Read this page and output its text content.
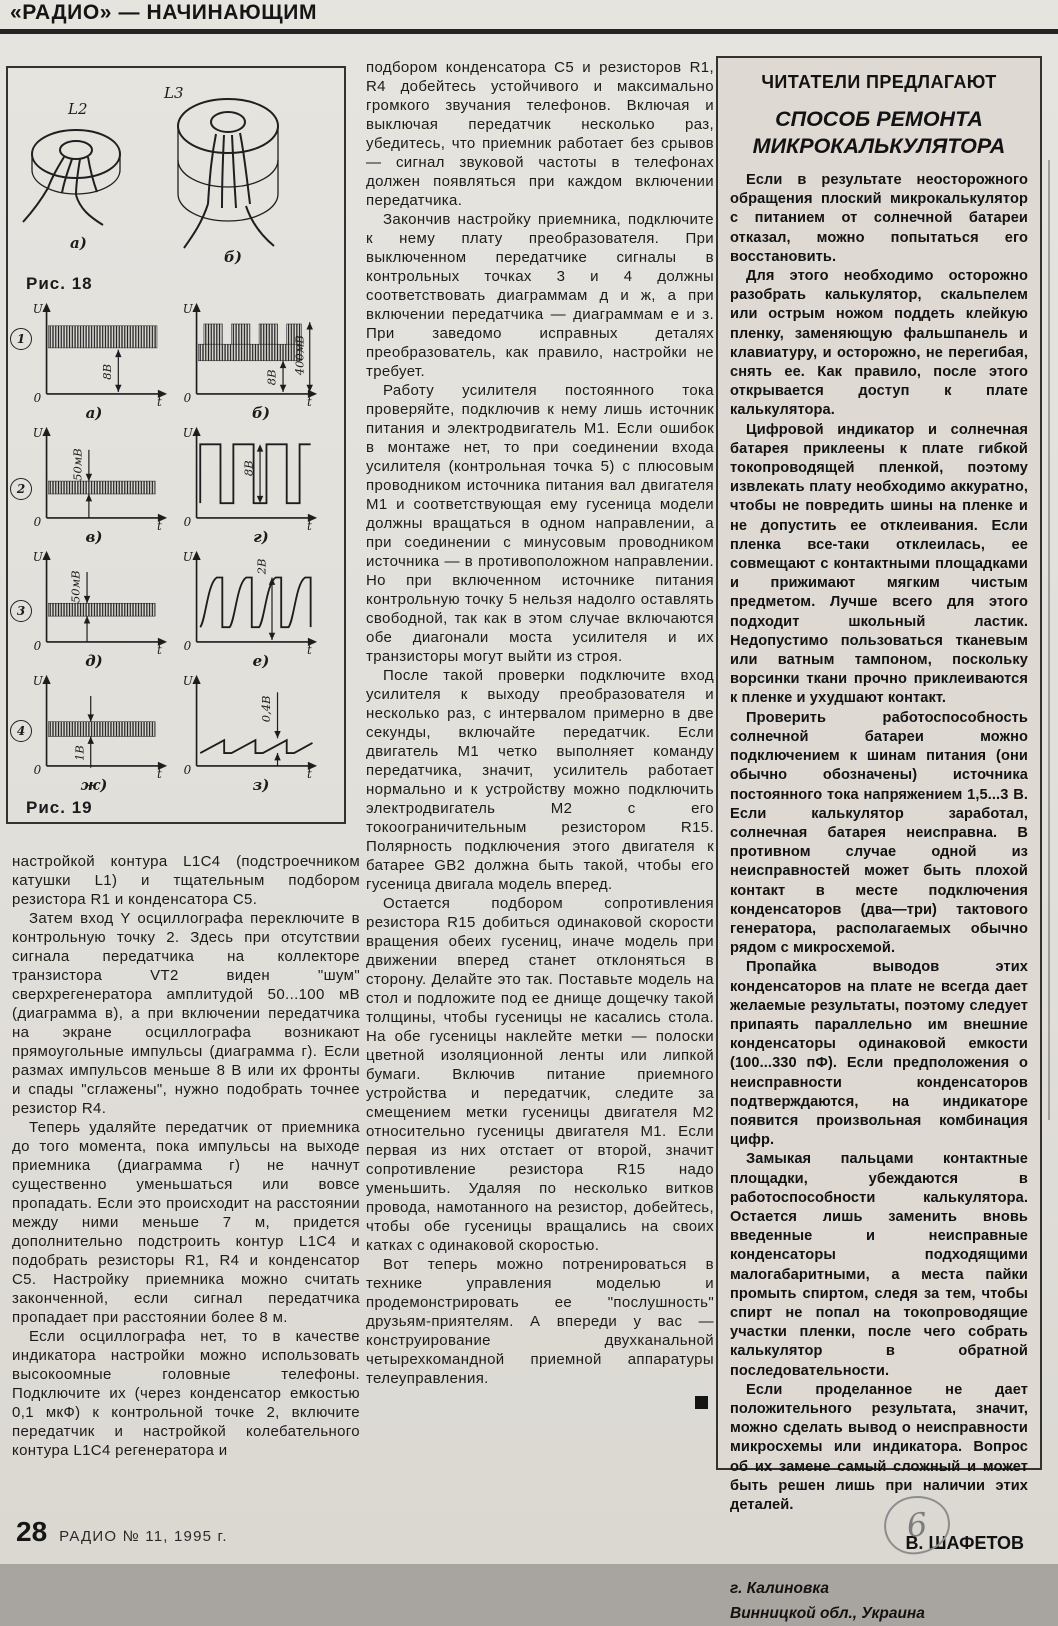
«РАДИО» — НАЧИНАЮЩИМ
L2
а)
L3
б)
Рис. 18
1
U
0	t
8В
а)
U
0	t
8В
400мВ
б)
2
U
0	t
50мВ
в)
U
0	t
8В
г)
3
U
0	t
50мВ
д)
U
0	t
2В
е)
4
U
0	t
1В
ж)
U
0	t
0,4В
з)
Рис. 19

настройкой контура L1C4 (подстроечником катушки L1) и тщательным подбором резистора R1 и конденсатора C5.

Затем вход Y осциллографа переключите в контрольную точку 2. Здесь при отсутствии сигнала передатчика на коллекторе транзистора VT2 виден "шум" сверхрегенератора амплитудой 50...100 мВ (диаграмма в), а при включении передатчика на экране осциллографа возникают прямоугольные импульсы (диаграмма г). Если размах импульсов меньше 8 В или их фронты и спады "сглажены", нужно подобрать точнее резистор R4.

Теперь удаляйте передатчик от приемника до того момента, пока импульсы на выходе приемника (диаграмма г) не начнут существенно уменьшаться или вовсе пропадать. Если это происходит на расстоянии между ними меньше 7 м, придется дополнительно подстроить контур L1C4 и подобрать резисторы R1, R4 и конденсатор C5. Настройку приемника можно считать законченной, если сигнал передатчика пропадает при расстоянии более 8 м.

Если осциллографа нет, то в качестве индикатора настройки можно использовать высокоомные головные телефоны. Подключите их (через конденсатор емкостью 0,1 мкФ) к контрольной точке 2, включите передатчик и настройкой колебательного контура L1C4 регенератора и

подбором конденсатора C5 и резисторов R1, R4 добейтесь устойчивого и максимально громкого звучания телефонов. Включая и выключая передатчик несколько раз, убедитесь, что приемник работает без срывов — сигнал звуковой частоты в телефонах должен появляться при каждом включении передатчика.

Закончив настройку приемника, подключите к нему плату преобразователя. При выключенном передатчике сигналы в контрольных точках 3 и 4 должны соответствовать диаграммам д и ж, а при включении передатчика — диаграммам е и з. При заведомо исправных деталях преобразователь, как правило, настройки не требует.

Работу усилителя постоянного тока проверяйте, подключив к нему лишь источник питания и электродвигатель M1. Если ошибок в монтаже нет, то при соединении входа усилителя (контрольная точка 5) с плюсовым проводником источника питания вал двигателя M1 и соответствующая ему гусеница модели должны вращаться в одном направлении, а при соединении с минусовым проводником источника — в противоположном направлении. Но при включенном источнике питания контрольную точку 5 нельзя надолго оставлять свободной, так как в этом случае включаются обе диагонали моста усилителя и их транзисторы могут выйти из строя.

После такой проверки подключите вход усилителя к выходу преобразователя и несколько раз, с интервалом примерно в две секунды, включайте передатчик. Если двигатель M1 четко выполняет команду передатчика, значит, усилитель работает нормально и к устройству можно подключить электродвигатель M2 с его токоограничительным резистором R15. Полярность подключения этого двигателя к батарее GB2 должна быть такой, чтобы его гусеница двигала модель вперед.

Остается подбором сопротивления резистора R15 добиться одинаковой скорости вращения обеих гусениц, иначе модель при движении вперед станет отклоняться в сторону. Делайте это так. Поставьте модель на стол и подложите под ее днище дощечку такой толщины, чтобы гусеницы не касались стола. На обе гусеницы наклейте метки — полоски цветной изоляционной ленты или липкой бумаги. Включив питание приемного устройства и передатчик, следите за смещением метки гусеницы двигателя M2 относительно гусеницы двигателя M1. Если первая из них отстает от второй, значит сопротивление резистора R15 надо уменьшить. Удаляя по несколько витков провода, намотанного на резистор, добейтесь, чтобы обе гусеницы вращались на своих катках с одинаковой скоростью.

Вот теперь можно потренироваться в технике управления моделью и продемонстрировать ее "послушность" друзьям-приятелям. А впереди у вас — конструирование двухканальной четырехкомандной приемной аппаратуры телеуправления.

ЧИТАТЕЛИ ПРЕДЛАГАЮТ
СПОСОБ РЕМОНТА МИКРОКАЛЬКУЛЯТОРА

Если в результате неосторожного обращения плоский микрокалькулятор с питанием от солнечной батареи отказал, можно попытаться его восстановить.

Для этого необходимо осторожно разобрать калькулятор, скальпелем или острым ножом поддеть клейкую пленку, заменяющую фальшпанель и клавиатуру, и осторожно, не перегибая, снять ее. Как правило, после этого открывается доступ к плате калькулятора.

Цифровой индикатор и солнечная батарея приклеены к плате гибкой токопроводящей пленкой, поэтому извлекать плату необходимо аккуратно, чтобы не повредить шины на пленке и не допустить ее отклеивания. Если пленка все-таки отклеилась, ее совмещают с контактными площадками и прижимают мягким чистым предметом. Лучше всего для этого подходит школьный ластик. Недопустимо пользоваться тканевым или ватным тампоном, поскольку ворсинки ткани прочно приклеиваются к пленке и ухудшают контакт.

Проверить работоспособность солнечной батареи можно подключением к шинам питания (они обычно обозначены) источника постоянного тока напряжением 1,5...3 В. Если калькулятор заработал, солнечная батарея неисправна. В противном случае одной из неисправностей может быть плохой контакт в месте подключения конденсаторов (два—три) тактового генератора, располагаемых обычно рядом с микросхемой.

Пропайка выводов этих конденсаторов на плате не всегда дает желаемые результаты, поэтому следует припаять параллельно им внешние конденсаторы одинаковой емкости (100...330 пФ). Если предположения о неисправности конденсаторов подтверждаются, на индикаторе появится произвольная комбинация цифр.

Замыкая пальцами контактные площадки, убеждаются в работоспособности калькулятора. Остается лишь заменить вновь введенные и неисправные конденсаторы подходящими малогабаритными, а места пайки промыть спиртом, следя за тем, чтобы спирт не попал на токопроводящие участки пленки, после чего собрать калькулятор в обратной последовательности.

Если проделанное не дает положительного результата, значит, можно сделать вывод о неисправности микросхемы или индикатора. Вопрос об их замене самый сложный и может быть решен лишь при наличии этих деталей.

В. ШАФЕТОВ
г. Калиновка
Винницкой обл., Украина
28 РАДИО № 11, 1995 г.	6
